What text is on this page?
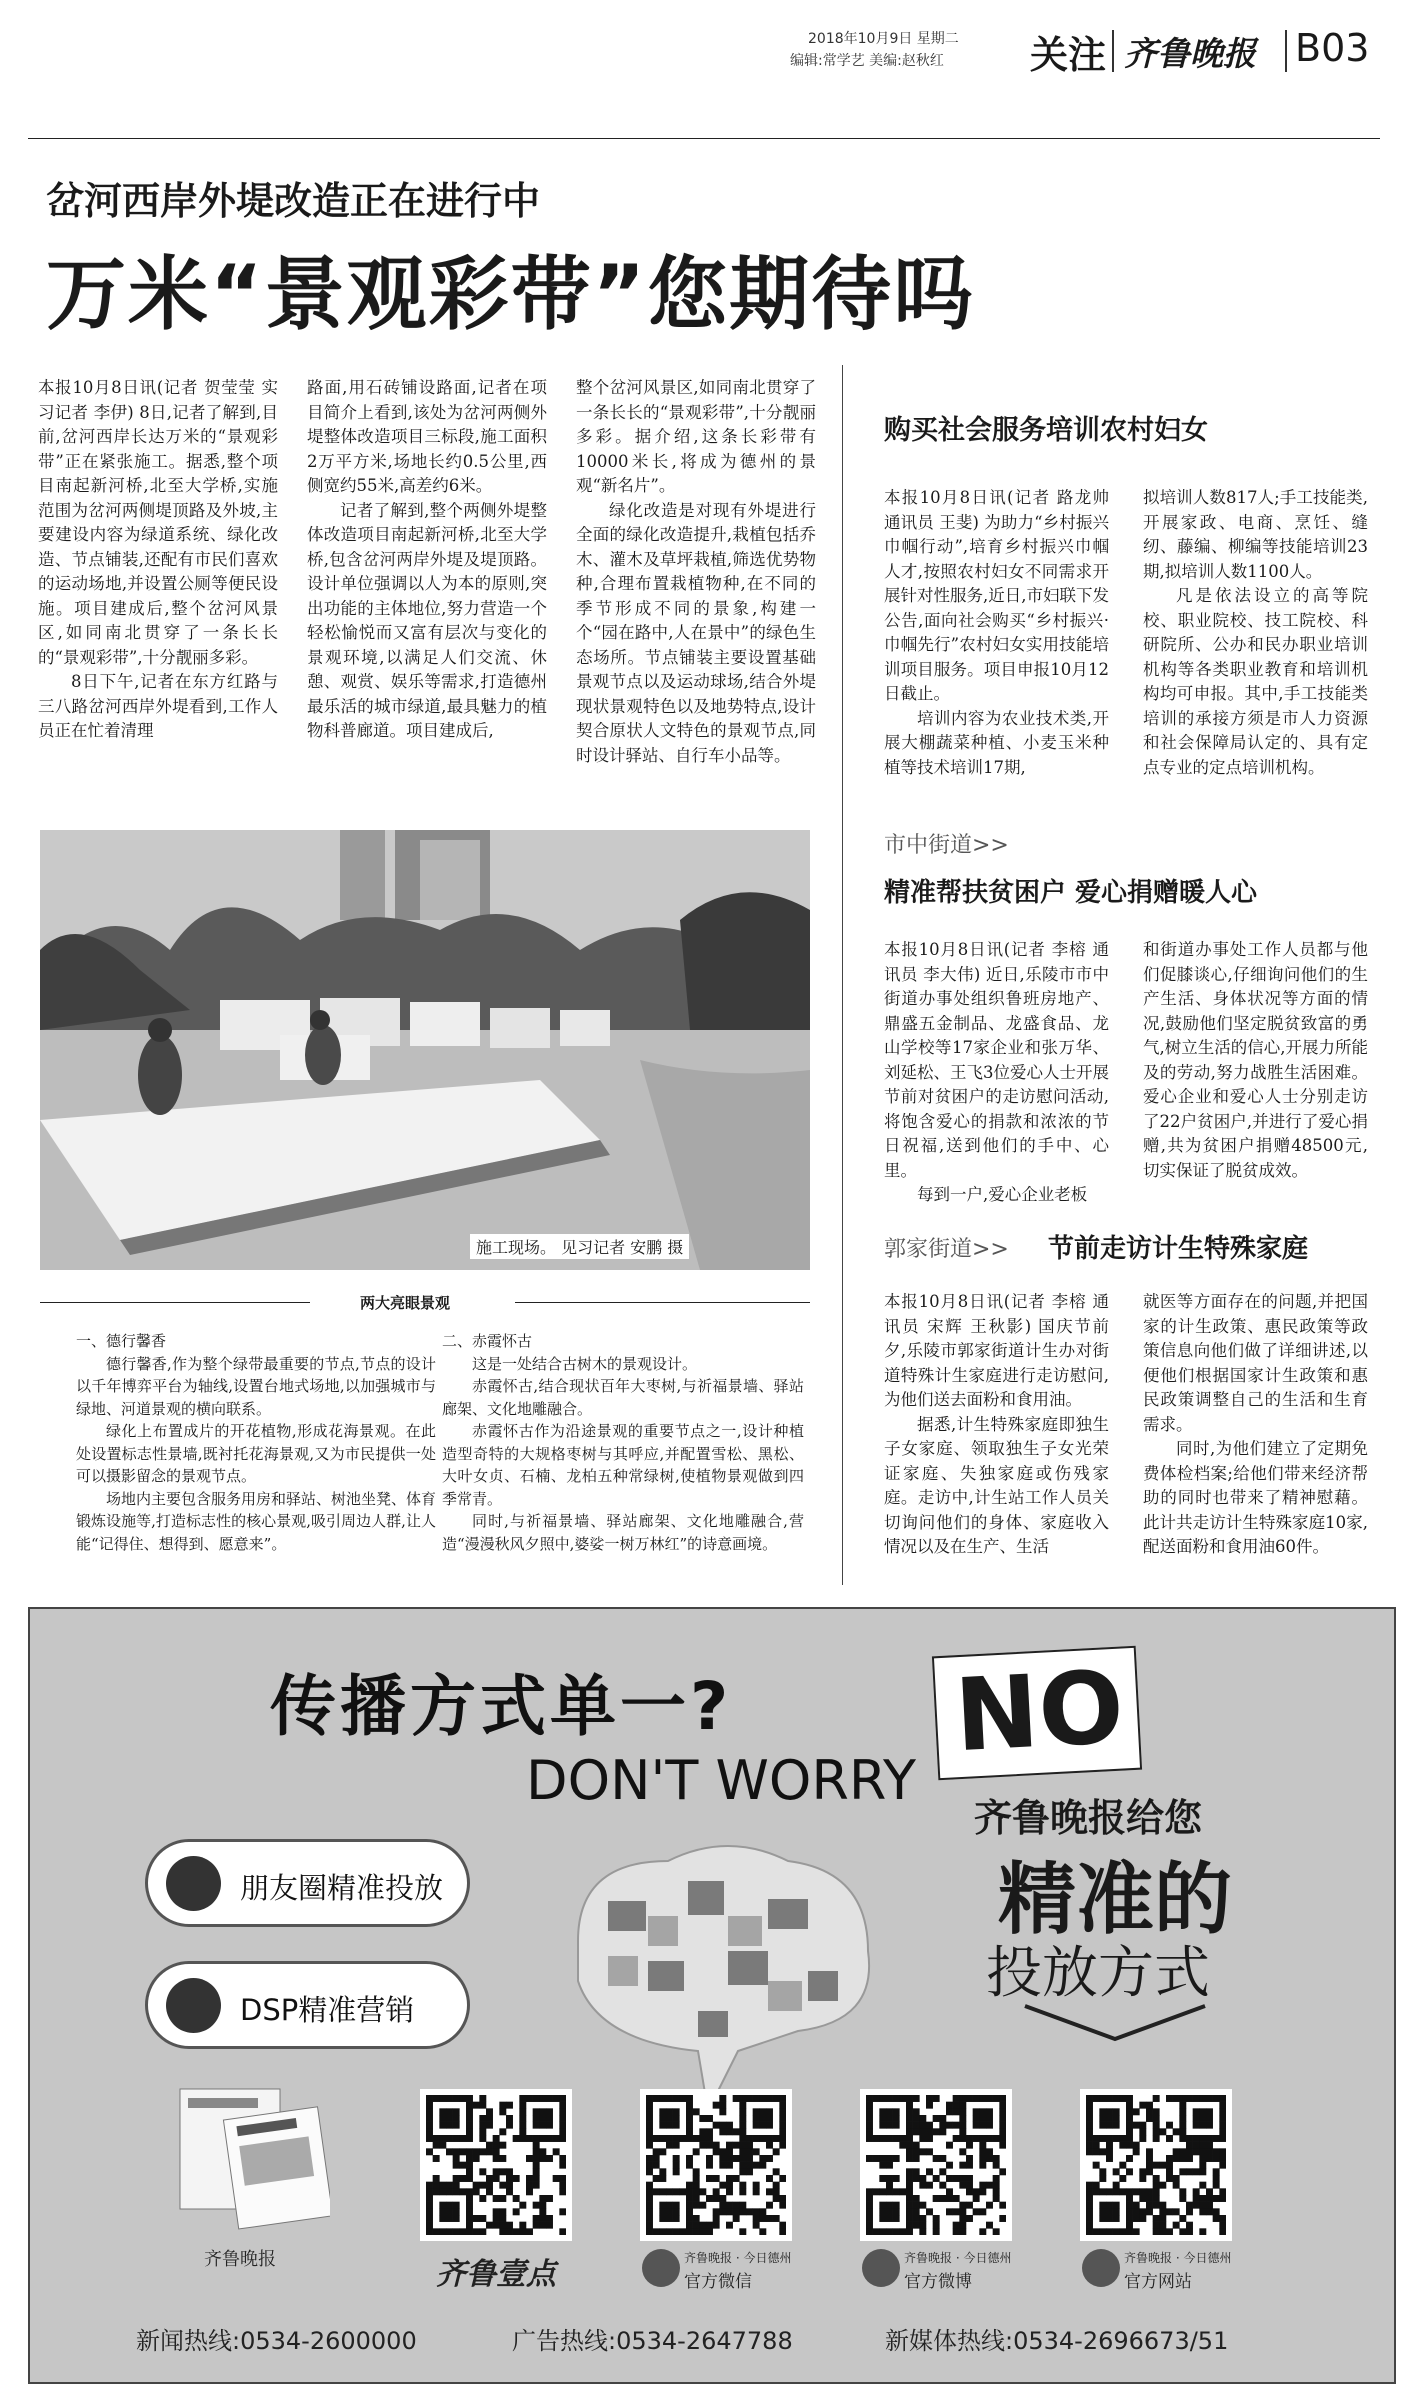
2018年10月9日 星期二
编辑:常学艺 美编:赵秋红 关注 齐鲁晚报 B03
岔河西岸外堤改造正在进行中
万米“景观彩带”您期待吗

本报10月8日讯(记者 贺莹莹 实习记者 李伊) 8日,记者了解到,目前,岔河西岸长达万米的“景观彩带”正在紧张施工。据悉,整个项目南起新河桥,北至大学桥,实施范围为岔河两侧堤顶路及外坡,主要建设内容为绿道系统、绿化改造、节点铺装,还配有市民们喜欢的运动场地,并设置公厕等便民设施。项目建成后,整个岔河风景区,如同南北贯穿了一条长长的“景观彩带”,十分靓丽多彩。

8日下午,记者在东方红路与三八路岔河西岸外堤看到,工作人员正在忙着清理

路面,用石砖铺设路面,记者在项目简介上看到,该处为岔河两侧外堤整体改造项目三标段,施工面积2万平方米,场地长约0.5公里,西侧宽约55米,高差约6米。

记者了解到,整个两侧外堤整体改造项目南起新河桥,北至大学桥,包含岔河两岸外堤及堤顶路。设计单位强调以人为本的原则,突出功能的主体地位,努力营造一个轻松愉悦而又富有层次与变化的景观环境,以满足人们交流、休憩、观赏、娱乐等需求,打造德州最乐活的城市绿道,最具魅力的植物科普廊道。项目建成后,

整个岔河风景区,如同南北贯穿了一条长长的“景观彩带”,十分靓丽多彩。据介绍,这条长彩带有10000米长,将成为德州的景观“新名片”。

绿化改造是对现有外堤进行全面的绿化改造提升,栽植包括乔木、灌木及草坪栽植,筛选优势物种,合理布置栽植物种,在不同的季节形成不同的景象,构建一个“园在路中,人在景中”的绿色生态场所。节点铺装主要设置基础景观节点以及运动球场,结合外堤现状景观特色以及地势特点,设计契合原状人文特色的景观节点,同时设计驿站、自行车小品等。

施工现场。 见习记者 安鹏 摄
两大亮眼景观

一、德行馨香

德行馨香,作为整个绿带最重要的节点,节点的设计以千年博弈平台为轴线,设置台地式场地,以加强城市与绿地、河道景观的横向联系。

绿化上布置成片的开花植物,形成花海景观。在此处设置标志性景墙,既衬托花海景观,又为市民提供一处可以摄影留念的景观节点。

场地内主要包含服务用房和驿站、树池坐凳、体育锻炼设施等,打造标志性的核心景观,吸引周边人群,让人能“记得住、想得到、愿意来”。

二、赤霞怀古

这是一处结合古树木的景观设计。

赤霞怀古,结合现状百年大枣树,与祈福景墙、驿站廊架、文化地雕融合。

赤霞怀古作为沿途景观的重要节点之一,设计种植造型奇特的大规格枣树与其呼应,并配置雪松、黑松、大叶女贞、石楠、龙柏五种常绿树,使植物景观做到四季常青。

同时,与祈福景墙、驿站廊架、文化地雕融合,营造“漫漫秋风夕照中,婆娑一树万林红”的诗意画境。

购买社会服务培训农村妇女

本报10月8日讯(记者 路龙帅 通讯员 王斐) 为助力“乡村振兴巾帼行动”,培育乡村振兴巾帼人才,按照农村妇女不同需求开展针对性服务,近日,市妇联下发公告,面向社会购买“乡村振兴·巾帼先行”农村妇女实用技能培训项目服务。项目申报10月12日截止。

培训内容为农业技术类,开展大棚蔬菜种植、小麦玉米种植等技术培训17期,

拟培训人数817人;手工技能类,开展家政、电商、烹饪、缝纫、藤编、柳编等技能培训23期,拟培训人数1100人。

凡是依法设立的高等院校、职业院校、技工院校、科研院所、公办和民办职业培训机构等各类职业教育和培训机构均可申报。其中,手工技能类培训的承接方须是市人力资源和社会保障局认定的、具有定点专业的定点培训机构。

市中街道>>
精准帮扶贫困户 爱心捐赠暖人心

本报10月8日讯(记者 李榕 通讯员 李大伟) 近日,乐陵市市中街道办事处组织鲁班房地产、鼎盛五金制品、龙盛食品、龙山学校等17家企业和张万华、刘延松、王飞3位爱心人士开展节前对贫困户的走访慰问活动,将饱含爱心的捐款和浓浓的节日祝福,送到他们的手中、心里。

每到一户,爱心企业老板

和街道办事处工作人员都与他们促膝谈心,仔细询问他们的生产生活、身体状况等方面的情况,鼓励他们坚定脱贫致富的勇气,树立生活的信心,开展力所能及的劳动,努力战胜生活困难。爱心企业和爱心人士分别走访了22户贫困户,并进行了爱心捐赠,共为贫困户捐赠48500元,切实保证了脱贫成效。

郭家街道>> 节前走访计生特殊家庭

本报10月8日讯(记者 李榕 通讯员 宋辉 王秋影) 国庆节前夕,乐陵市郭家街道计生办对街道特殊计生家庭进行走访慰问,为他们送去面粉和食用油。

据悉,计生特殊家庭即独生子女家庭、领取独生子女光荣证家庭、失独家庭或伤残家庭。走访中,计生站工作人员关切询问他们的身体、家庭收入情况以及在生产、生活

就医等方面存在的问题,并把国家的计生政策、惠民政策等政策信息向他们做了详细讲述,以便他们根据国家计生政策和惠民政策调整自己的生活和生育需求。

同时,为他们建立了定期免费体检档案;给他们带来经济帮助的同时也带来了精神慰藉。此计共走访计生特殊家庭10家,配送面粉和食用油60件。

传播方式单一? NO
DON'T WORRY
齐鲁晚报给您
精准的
投放方式
朋友圈精准投放
DSP精准营销
齐鲁晚报	齐鲁壹点	齐鲁晚报 · 今日德州
官方微信
齐鲁晚报 · 今日德州
官方微博
齐鲁晚报 · 今日德州
官方网站
新闻热线:0534-2600000	广告热线:0534-2647788	新媒体热线:0534-2696673/51
